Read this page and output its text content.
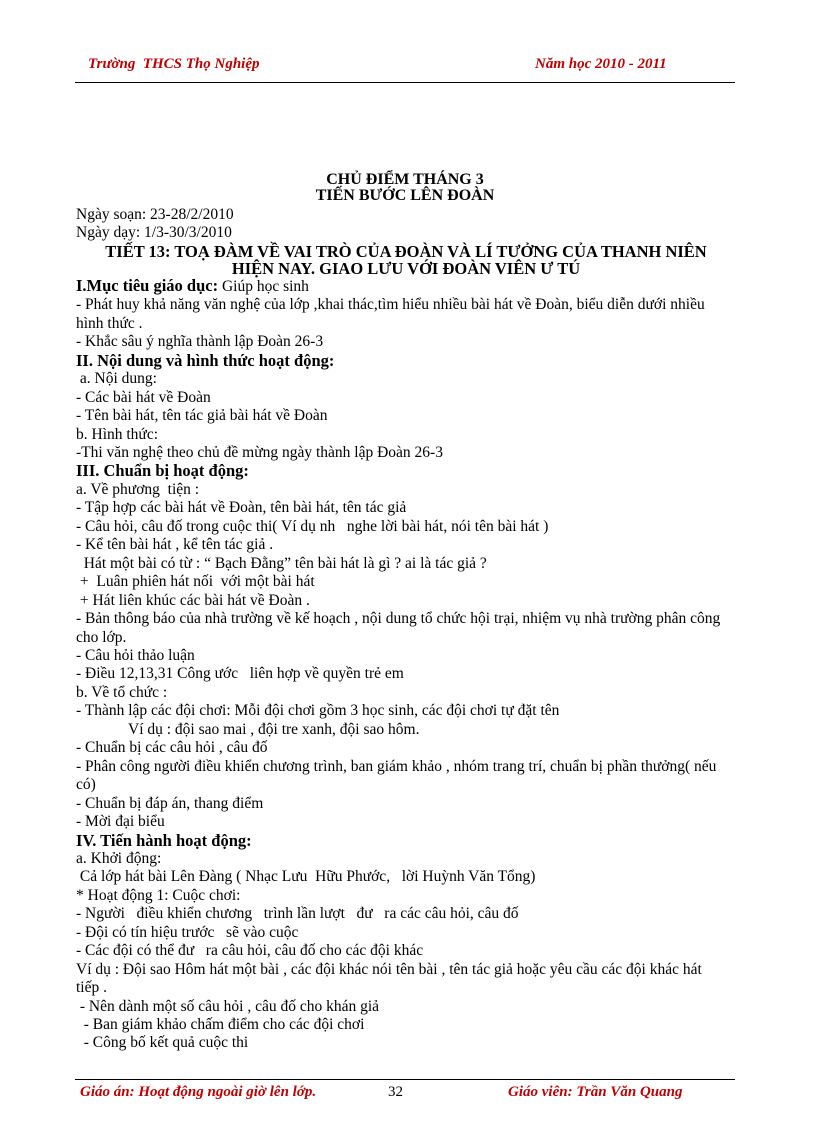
Trường  THCS Thọ Nghiệp	Năm học 2010 - 2011
CHỦ ĐIỂM THÁNG 3
TIẾN BƯỚC LÊN ĐOÀN
Ngày soạn: 23-28/2/2010
Ngày dạy: 1/3-30/3/2010
TIẾT 13: TOẠ ĐÀM VỀ VAI TRÒ CỦA ĐOÀN VÀ LÍ TƯỞNG CỦA THANH NIÊN HIỆN NAY. GIAO LƯU VỚI ĐOÀN VIÊN Ư TÚ
I.Mục tiêu giáo dục: Giúp học sinh
- Phát huy khả năng văn nghệ của lớp ,khai thác,tìm hiểu nhiều bài hát về Đoàn, biểu diễn dưới nhiều hình thức .
- Khắc sâu ý nghĩa thành lập Đoàn 26-3
II. Nội dung và hình thức hoạt động:
a. Nội dung:
- Các bài hát về Đoàn
- Tên bài hát, tên tác giả bài hát về Đoàn
b. Hình thức:
-Thi văn nghệ theo chủ đề mừng ngày thành lập Đoàn 26-3
III. Chuẩn bị hoạt động:
a. Về phương  tiện :
- Tập hợp các bài hát về Đoàn, tên bài hát, tên tác giả
- Câu hỏi, câu đố trong cuộc thi( Ví dụ nh   nghe lời bài hát, nói tên bài hát )
- Kể tên bài hát , kể tên tác giả .
Hát một bài có từ : “ Bạch Đằng” tên bài hát là gì ? ai là tác giả ?
+  Luân phiên hát nối  với một bài hát
+ Hát liên khúc các bài hát về Đoàn .
- Bản thông báo của nhà trường về kế hoạch , nội dung tổ chức hội trại, nhiệm vụ nhà trường phân công cho lớp.
- Câu hỏi thảo luận
- Điều 12,13,31 Công ước   liên hợp về quyền trẻ em
b. Về tổ chức :
- Thành lập các đội chơi: Mỗi đội chơi gồm 3 học sinh, các đội chơi tự đặt tên
Ví dụ : đội sao mai , đội tre xanh, đội sao hôm.
- Chuẩn bị các câu hỏi , câu đố
- Phân công người điều khiển chương trình, ban giám khảo , nhóm trang trí, chuẩn bị phần thưởng( nếu có)
- Chuẩn bị đáp án, thang điểm
- Mời đại biểu
IV. Tiến hành hoạt động:
a. Khởi động:
Cả lớp hát bài Lên Đàng ( Nhạc Lưu  Hữu Phước,   lời Huỳnh Văn Tổng)
* Hoạt động 1: Cuộc chơi:
- Người   điều khiển chương   trình lần lượt   đư   ra các câu hỏi, câu đố
- Đội có tín hiệu trước   sẽ vào cuộc
- Các đội có thể đư   ra câu hỏi, câu đố cho các đội khác
Ví dụ : Đội sao Hôm hát một bài , các đội khác nói tên bài , tên tác giả hoặc yêu cầu các đội khác hát tiếp .
- Nên dành một số câu hỏi , câu đố cho khán giả
- Ban giám khảo chấm điểm cho các đội chơi
- Công bố kết quả cuộc thi
Giáo án: Hoạt động ngoài giờ lên lớp.	32	Giáo viên: Trần Văn Quang
